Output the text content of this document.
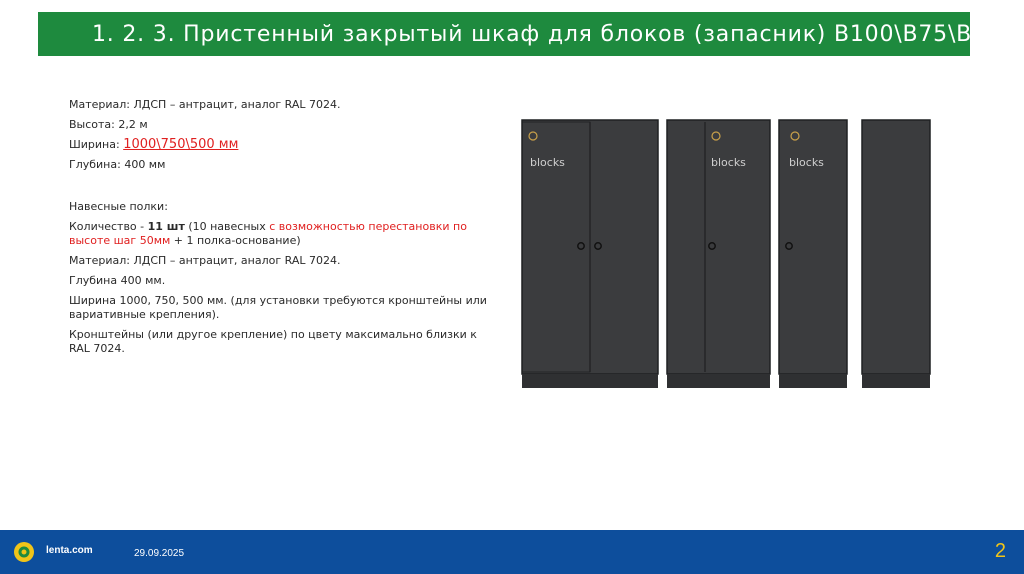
1. 2. 3. Пристенный закрытый шкаф для блоков (запасник) B100\B75\B50

Материал: ЛДСП – антрацит, аналог RAL 7024.

Высота: 2,2 м

Ширина: 1000\750\500 мм

Глубина: 400 мм

Навесные полки:

Количество - 11 шт (10 навесных с возможностью перестановки по высоте шаг 50мм + 1 полка-основание)

Материал: ЛДСП – антрацит, аналог RAL 7024.

Глубина 400 мм.

Ширина 1000, 750, 500 мм. (для установки требуются кронштейны или вариативные крепления).

Кронштейны (или другое крепление) по цвету максимально близки к RAL 7024.

blocks	blocks	blocks
lenta.com	29.09.2025	2
